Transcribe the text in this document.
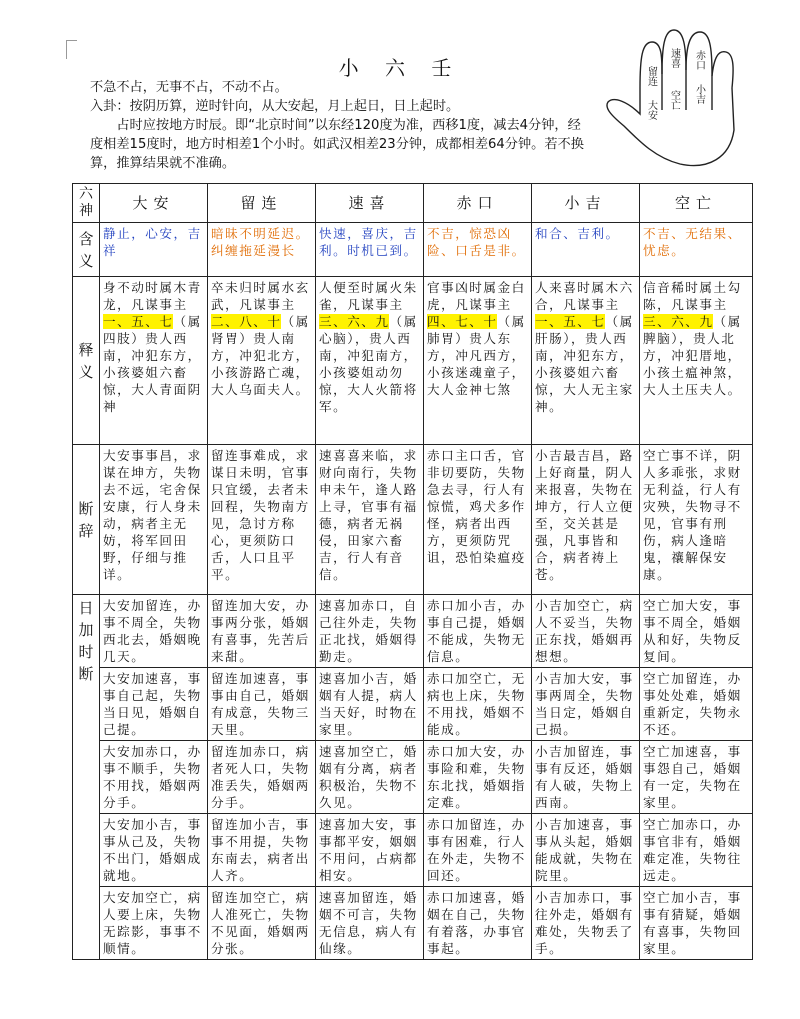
小 六 壬

不急不占，无事不占，不动不占。

入卦：按阴历算，逆时针向，从大安起，月上起日，日上起时。

　　占时应按地方时辰。即“北京时间”以东经120度为准，西移1度，减去4分钟，经度相差15度时，地方时相差1个小时。如武汉相差23分钟，成都相差64分钟。若不换算，推算结果就不准确。

留连
速喜 赤口
大安 空亡 小吉
六神	大安	留连	速喜	赤口	小吉	空亡
含义	静止，心安，吉祥	暗昧不明延迟。纠缠拖延漫长	快速，喜庆，吉利。时机已到。	不吉，惊恐凶险、口舌是非。	和合、吉利。	不吉、无结果、忧虑。
释义	身不动时属木青龙，凡谋事主一、五、七（属四肢）贵人西南，冲犯东方，小孩婆姐六畜惊，大人青面阴神	卒未归时属水玄武，凡谋事主二、八、十（属肾胃）贵人南方，冲犯北方，小孩游路亡魂，大人乌面夫人。	人便至时属火朱雀，凡谋事主三、六、九（属心脑），贵人西南，冲犯南方，小孩婆姐动勿惊，大人火箭将军。	官事凶时属金白虎，凡谋事主四、七、十（属肺胃）贵人东方，冲凡西方，小孩迷魂童子，大人金神七煞	人来喜时属木六合，凡谋事主一、五、七（属肝肠），贵人西南，冲犯东方，小孩婆姐六畜惊，大人无主家神。	信音稀时属土勾陈，凡谋事主三、六、九（属脾脑），贵人北方，冲犯厝地，小孩土瘟神煞，大人土压夫人。
断辞	大安事事昌，求谋在坤方，失物去不远，宅舍保安康，行人身未动，病者主无妨，将军回田野，仔细与推详。	留连事难成，求谋日未明，官事只宜缓，去者未回程，失物南方见，急讨方称心，更须防口舌，人口且平平。	速喜喜来临，求财向南行，失物申未午，逢人路上寻，官事有福德，病者无祸侵，田家六畜吉，行人有音信。	赤口主口舌，官非切要防，失物急去寻，行人有惊慌，鸡犬多作怪，病者出西方，更须防咒诅，恐怕染瘟疫	小吉最吉昌，路上好商量，阴人来报喜，失物在坤方，行人立便至，交关甚是强，凡事皆和合，病者祷上苍。	空亡事不详，阴人多乖张，求财无利益，行人有灾殃，失物寻不见，官事有刑伤，病人逢暗鬼，禳解保安康。
日加时断	大安加留连，办事不周全，失物西北去，婚姻晚几天。	留连加大安，办事两分张，婚姻有喜事，先苦后来甜。	速喜加赤口，自己往外走，失物正北找，婚姻得勤走。	赤口加小吉，办事自己提，婚姻不能成，失物无信息。	小吉加空亡，病人不妥当，失物正东找，婚姻再想想。	空亡加大安，事事不周全，婚姻从和好，失物反复间。
	大安加速喜，事事自己起，失物当日见，婚姻自己提。	留连加速喜，事事由自己，婚姻有成意，失物三天里。	速喜加小吉，婚姻有人提，病人当天好，时物在家里。	赤口加空亡，无病也上床，失物不用找，婚姻不能成。	小吉加大安，事事两周全，失物当日定，婚姻自己损。	空亡加留连，办事处处难，婚姻重新定，失物永不还。
	大安加赤口，办事不顺手，失物不用找，婚姻两分手。	留连加赤口，病者死人口，失物准丢失，婚姻两分手。	速喜加空亡，婚姻有分离，病者积极治，失物不久见。	赤口加大安，办事险和难，失物东北找，婚姻指定难。	小吉加留连，事事有反还，婚姻有人破，失物上西南。	空亡加速喜，事事怨自己，婚姻有一定，失物在家里。
	大安加小吉，事事从己及，失物不出门，婚姻成就地。	留连加小吉，事事不用提，失物东南去，病者出人齐。	速喜加大安，事事都平安，姻姻不用问，占病都相安。	赤口加留连，办事有困难，行人在外走，失物不回还。	小吉加速喜，事事从头起，婚姻能成就，失物在院里。	空亡加赤口，办事官非有，婚姻难定准，失物往远走。
	大安加空亡，病人要上床，失物无踪影，事事不顺情。	留连加空亡，病人准死亡，失物不见面，婚姻两分张。	速喜加留连，婚姻不可言，失物无信息，病人有仙缘。	赤口加速喜，婚姻在自己，失物有着落，办事官事起。	小吉加赤口，事往外走，婚姻有难处，失物丢了手。	空亡加小吉，事事有猜疑，婚姻有喜事，失物回家里。
